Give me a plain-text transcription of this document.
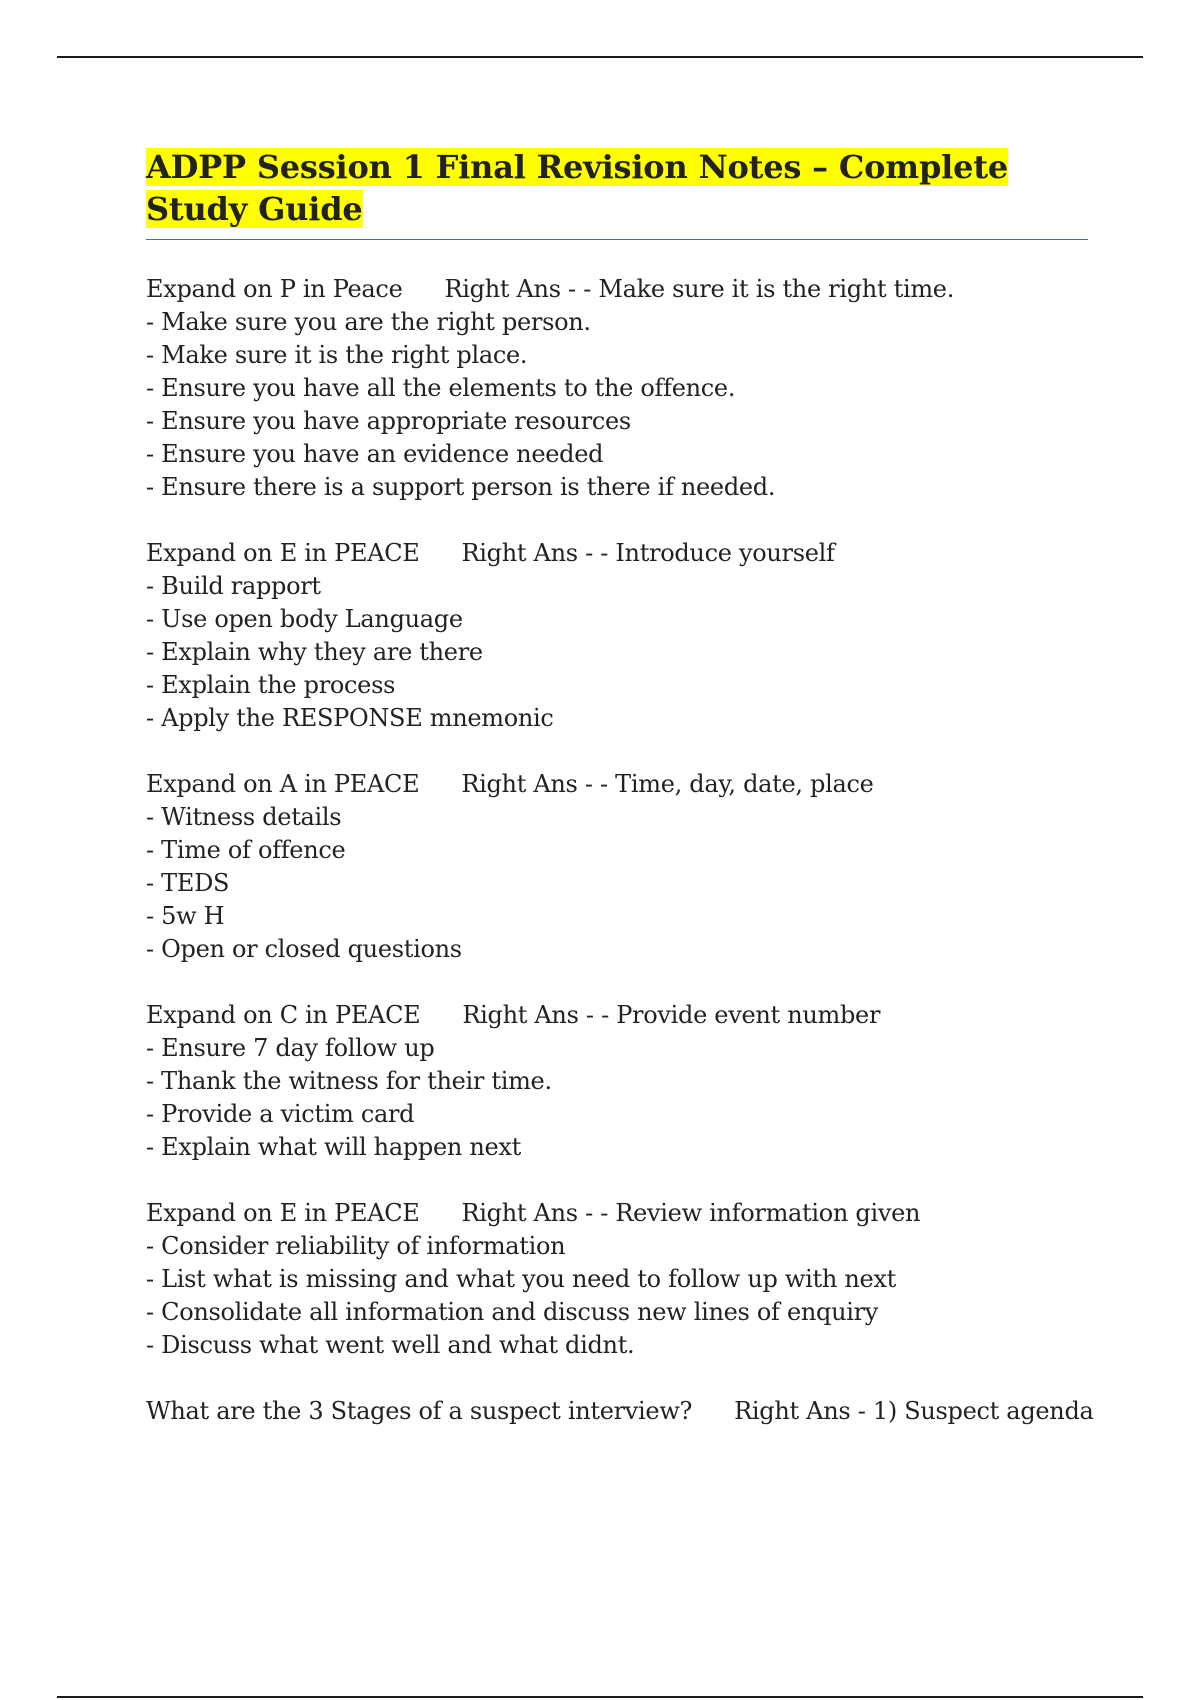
ADPP Session 1 Final Revision Notes – Complete Study Guide
Expand on P in Peace Right Ans - - Make sure it is the right time.
- Make sure you are the right person.
- Make sure it is the right place.
- Ensure you have all the elements to the offence.
- Ensure you have appropriate resources
- Ensure you have an evidence needed
- Ensure there is a support person is there if needed.
Expand on E in PEACE Right Ans - - Introduce yourself
- Build rapport
- Use open body Language
- Explain why they are there
- Explain the process
- Apply the RESPONSE mnemonic
Expand on A in PEACE Right Ans - - Time, day, date, place
- Witness details
- Time of offence
- TEDS
- 5w H
- Open or closed questions
Expand on C in PEACE Right Ans - - Provide event number
- Ensure 7 day follow up
- Thank the witness for their time.
- Provide a victim card
- Explain what will happen next
Expand on E in PEACE Right Ans - - Review information given
- Consider reliability of information
- List what is missing and what you need to follow up with next
- Consolidate all information and discuss new lines of enquiry
- Discuss what went well and what didnt.
What are the 3 Stages of a suspect interview? Right Ans - 1) Suspect agenda
